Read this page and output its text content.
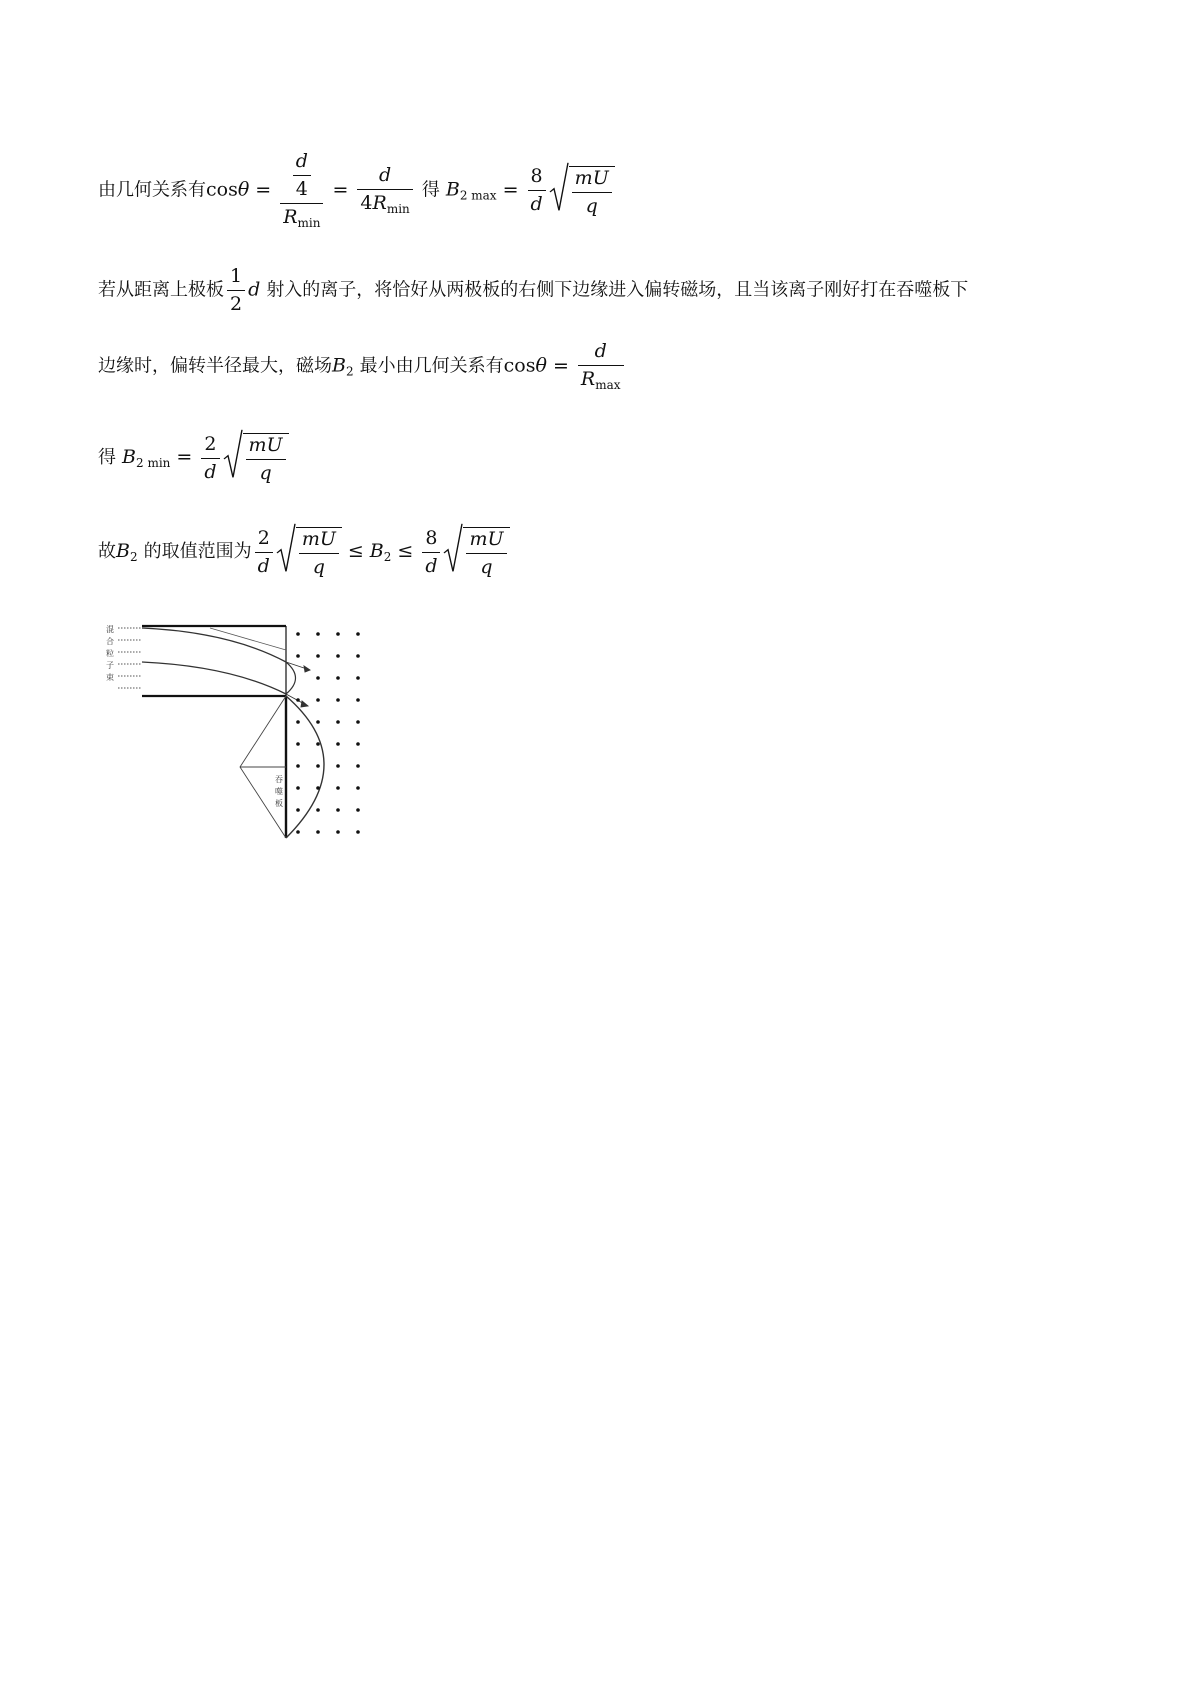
由几何关系有$\cos\theta = \frac{\frac{d}{4}}{R_{min}} = \frac{d}{4R_{min}}$ 得 $B_{2 max} = \frac{8}{d} \frac{mU}{q}$
若从距离上极板 $\frac{1}{2}$ d 射入的离子，将恰好从两极板的右侧下边缘进入偏转磁场，且当该离子刚好打在吞噬板下
边缘时，偏转半径最大，磁场$B_2$ 最小由几何关系有$\cos\theta = \frac{d}{R_{max}}$
得 $B_{2 min} = \frac{2}{d} \frac{mU}{q}$
故$B_2$ 的取值范围为 $\frac{2}{d} \frac{mU}{q} \le B_2 \le \frac{8}{d} \frac{mU}{q}$
混
合
粒
子
束
吞
噬
板
